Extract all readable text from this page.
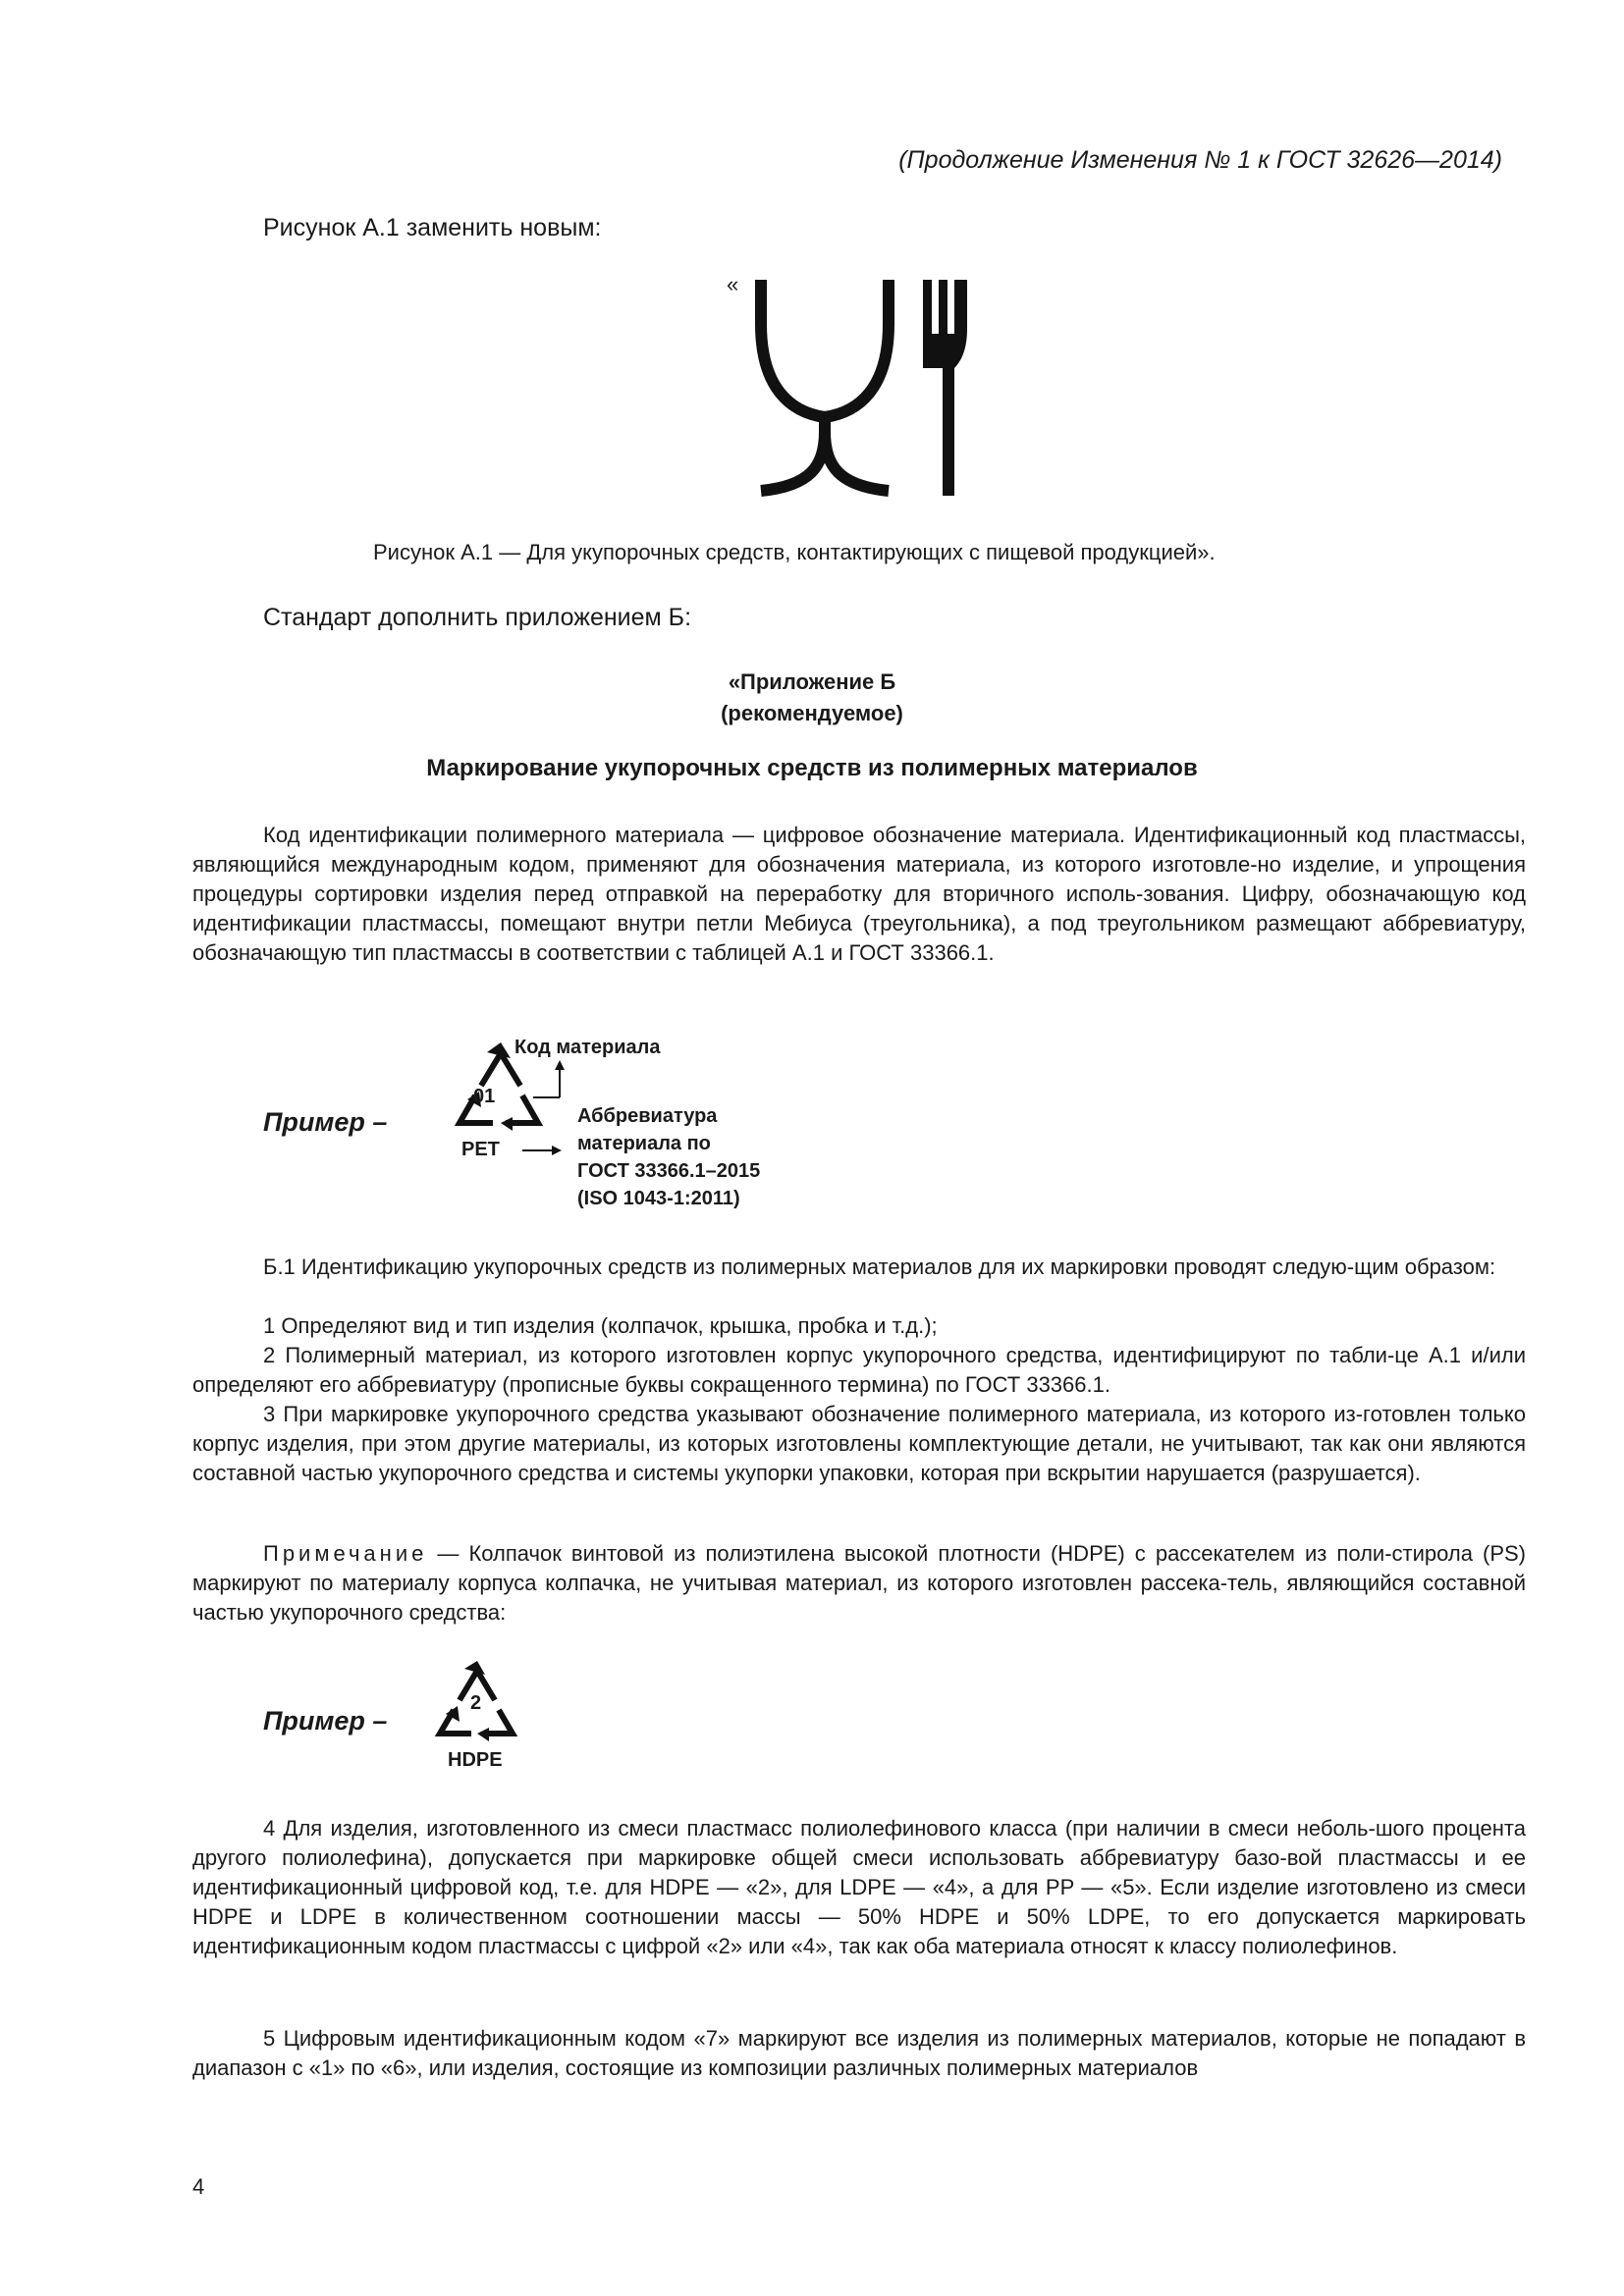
(Продолжение Изменения № 1 к ГОСТ 32626—2014)

Рисунок А.1 заменить новым:

«

Рисунок А.1 — Для укупорочных средств, контактирующих с пищевой продукцией».

Стандарт дополнить приложением Б:

«Приложение Б

(рекомендуемое)

Маркирование укупорочных средств из полимерных материалов

Код идентификации полимерного материала — цифровое обозначение материала. Идентификационный код пластмассы, являющийся международным кодом, применяют для обозначения материала, из которого изготовле-но изделие, и упрощения процедуры сортировки изделия перед отправкой на переработку для вторичного исполь-зования. Цифру, обозначающую код идентификации пластмассы, помещают внутри петли Мебиуса (треугольника), а под треугольником размещают аббревиатуру, обозначающую тип пластмассы в соответствии с таблицей А.1 и ГОСТ 33366.1.

Пример –
01
PET
Код материала
Аббревиатура
материала по
ГОСТ 33366.1–2015
(ISO 1043-1:2011)

Б.1 Идентификацию укупорочных средств из полимерных материалов для их маркировки проводят следую-щим образом:

1 Определяют вид и тип изделия (колпачок, крышка, пробка и т.д.);

2 Полимерный материал, из которого изготовлен корпус укупорочного средства, идентифицируют по табли-це А.1 и/или определяют его аббревиатуру (прописные буквы сокращенного термина) по ГОСТ 33366.1.

3 При маркировке укупорочного средства указывают обозначение полимерного материала, из которого из-готовлен только корпус изделия, при этом другие материалы, из которых изготовлены комплектующие детали, не учитывают, так как они являются составной частью укупорочного средства и системы укупорки упаковки, которая при вскрытии нарушается (разрушается).

Примечание — Колпачок винтовой из полиэтилена высокой плотности (HDPE) с рассекателем из поли-стирола (PS) маркируют по материалу корпуса колпачка, не учитывая материал, из которого изготовлен рассека-тель, являющийся составной частью укупорочного средства:

Пример –
2
HDPE

4 Для изделия, изготовленного из смеси пластмасс полиолефинового класса (при наличии в смеси неболь-шого процента другого полиолефина), допускается при маркировке общей смеси использовать аббревиатуру базо-вой пластмассы и ее идентификационный цифровой код, т.е. для HDPE — «2», для LDPE — «4», а для PP — «5». Если изделие изготовлено из смеси HDPE и LDPE в количественном соотношении массы — 50% HDPE и 50% LDPE, то его допускается маркировать идентификационным кодом пластмассы с цифрой «2» или «4», так как оба материала относят к классу полиолефинов.

5 Цифровым идентификационным кодом «7» маркируют все изделия из полимерных материалов, которые не попадают в диапазон с «1» по «6», или изделия, состоящие из композиции различных полимерных материалов

4
